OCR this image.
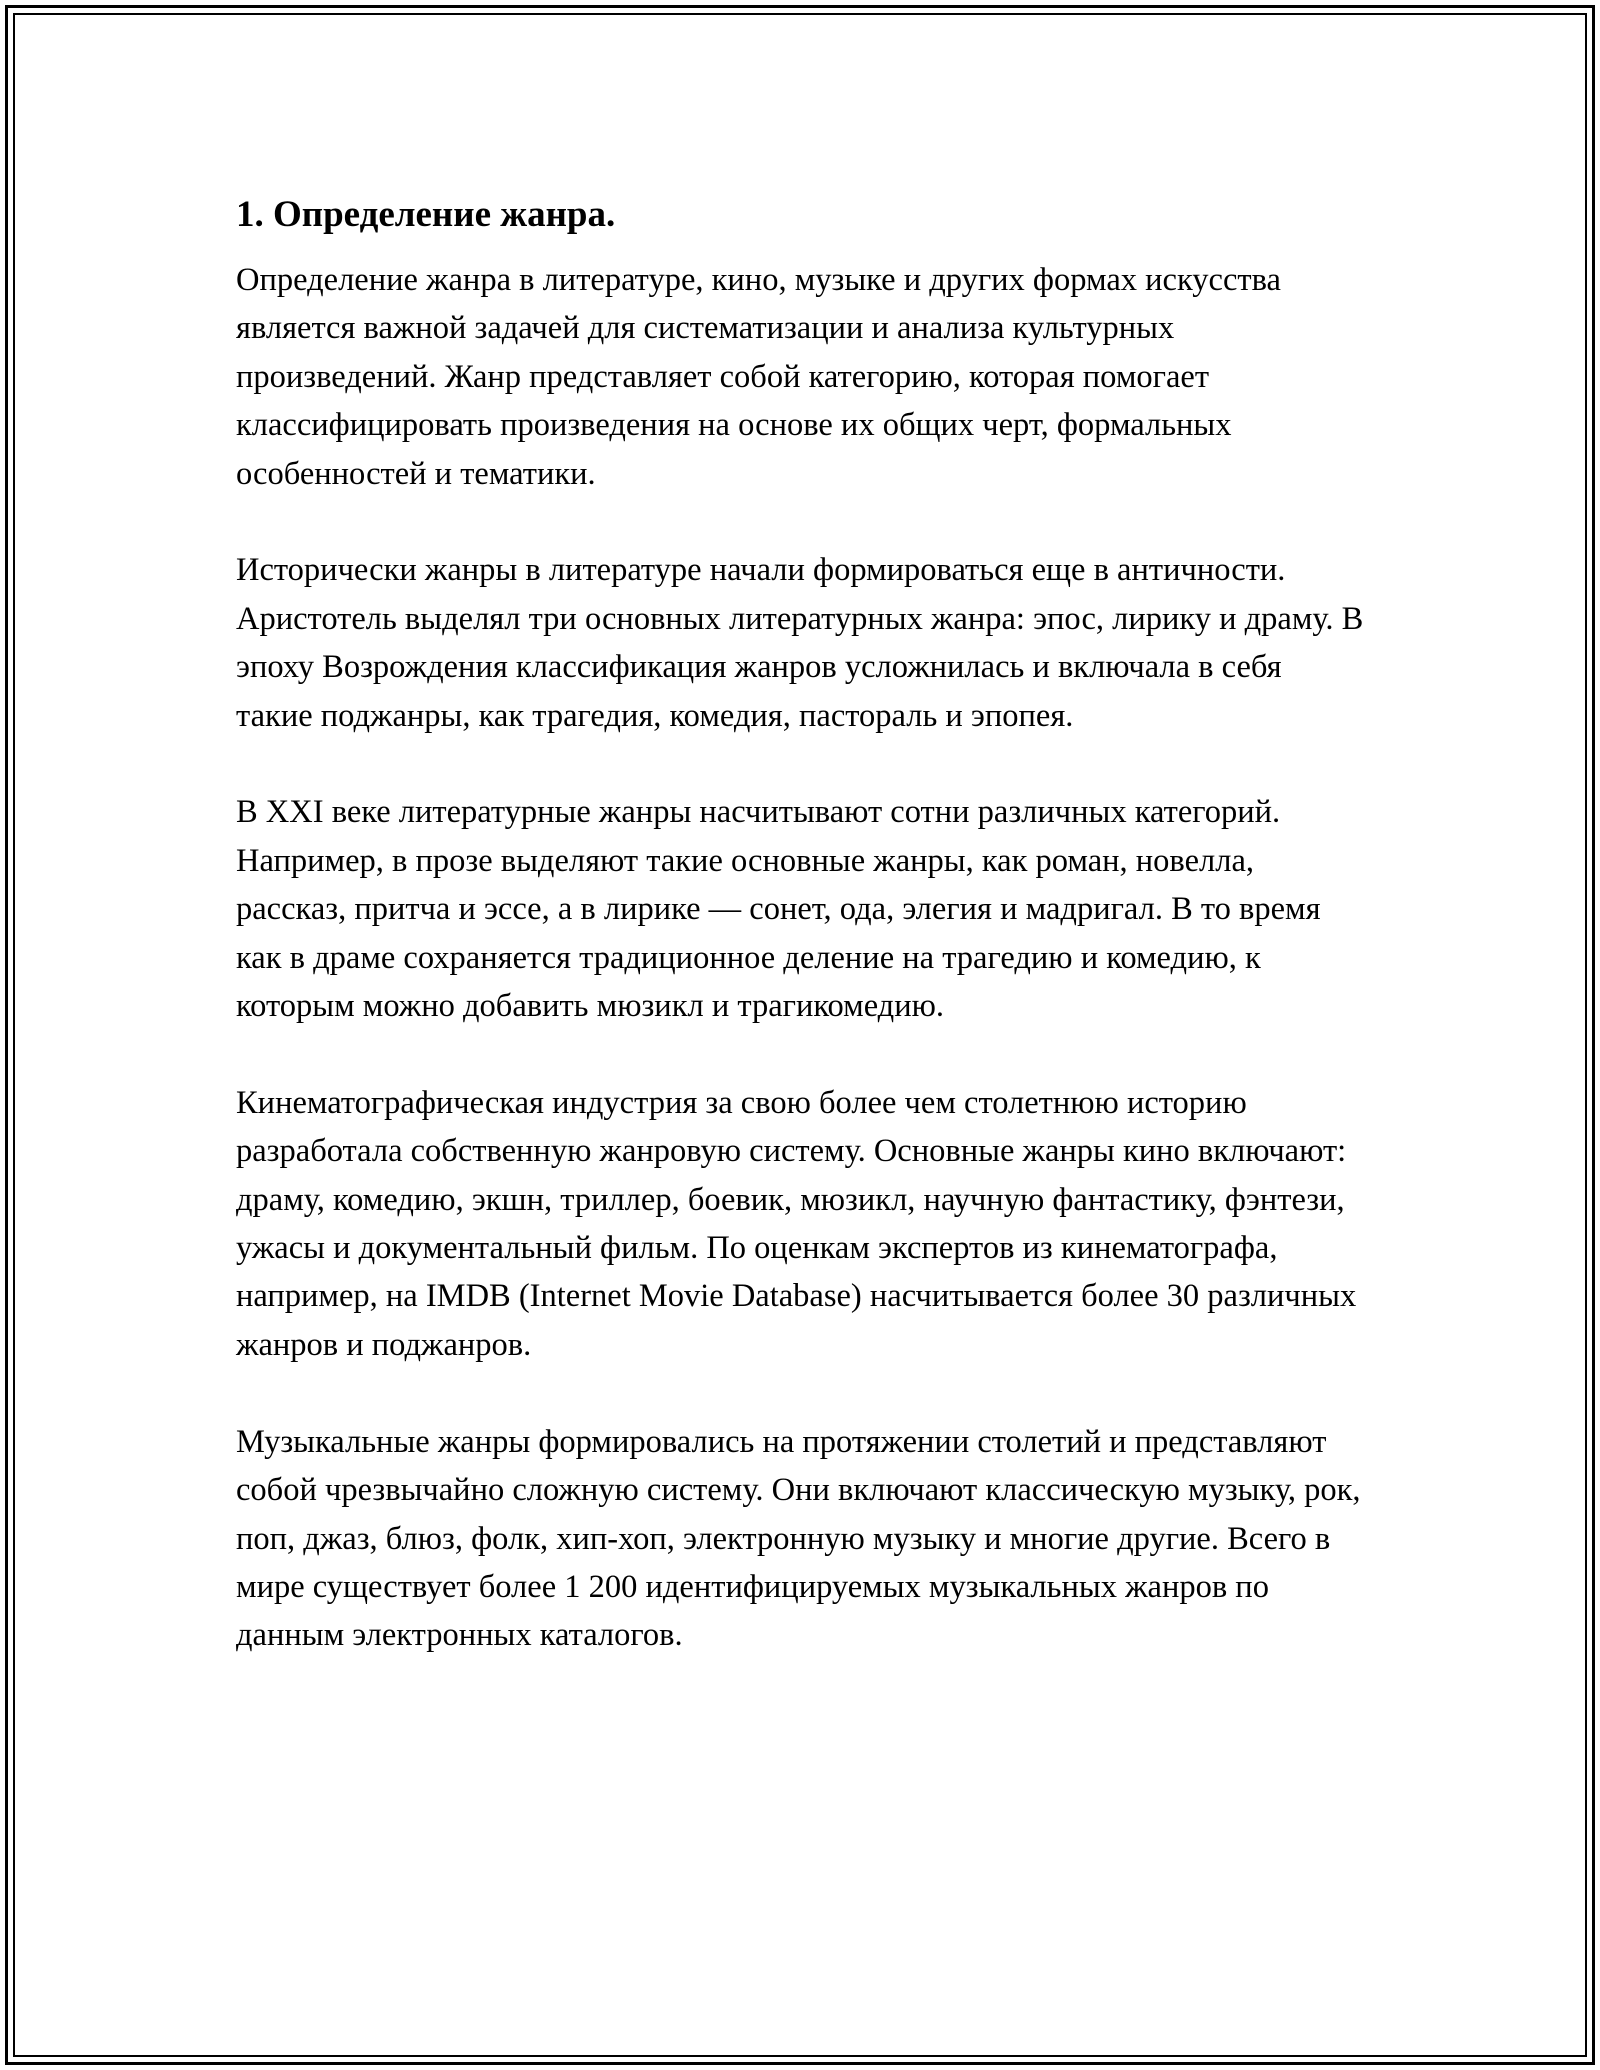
1. Определение жанра.

Определение жанра в литературе, кино, музыке и других формах искусства является важной задачей для систематизации и анализа культурных произведений. Жанр представляет собой категорию, которая помогает классифицировать произведения на основе их общих черт, формальных особенностей и тематики.

Исторически жанры в литературе начали формироваться еще в античности. Аристотель выделял три основных литературных жанра: эпос, лирику и драму. В эпоху Возрождения классификация жанров усложнилась и включала в себя такие поджанры, как трагедия, комедия, пастораль и эпопея.

В XXI веке литературные жанры насчитывают сотни различных категорий. Например, в прозе выделяют такие основные жанры, как роман, новелла, рассказ, притча и эссе, а в лирике — сонет, ода, элегия и мадригал. В то время как в драме сохраняется традиционное деление на трагедию и комедию, к которым можно добавить мюзикл и трагикомедию.

Кинематографическая индустрия за свою более чем столетнюю историю разработала собственную жанровую систему. Основные жанры кино включают: драму, комедию, экшн, триллер, боевик, мюзикл, научную фантастику, фэнтези, ужасы и документальный фильм. По оценкам экспертов из кинематографа, например, на IMDB (Internet Movie Database) насчитывается более 30 различных жанров и поджанров.

Музыкальные жанры формировались на протяжении столетий и представляют собой чрезвычайно сложную систему. Они включают классическую музыку, рок, поп, джаз, блюз, фолк, хип-хоп, электронную музыку и многие другие. Всего в мире существует более 1 200 идентифицируемых музыкальных жанров по данным электронных каталогов.
